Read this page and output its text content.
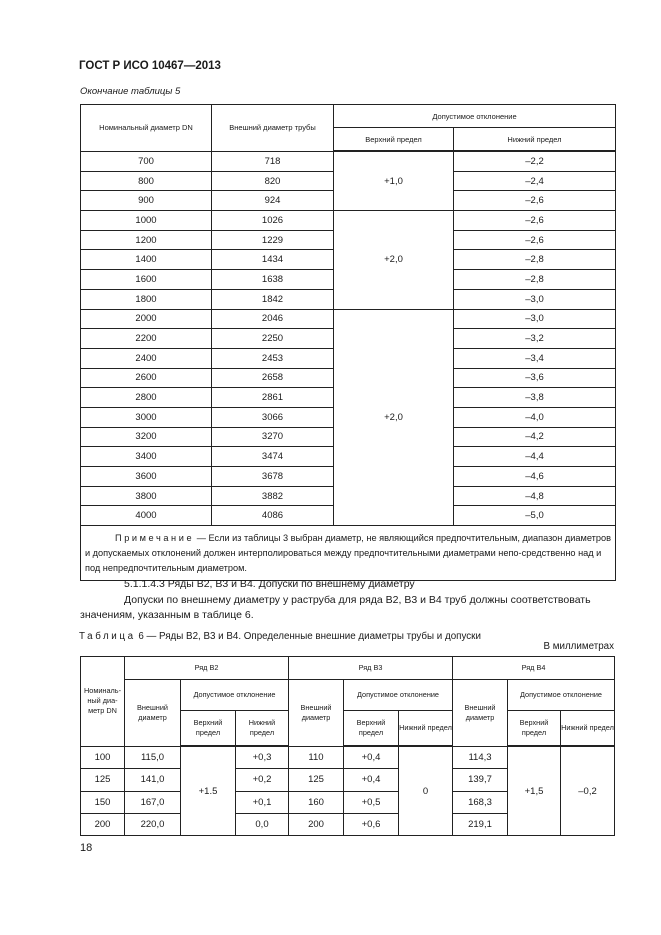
ГОСТ Р ИСО 10467—2013
Окончание таблицы 5
Номинальный диаметр DN	Внешний диаметр трубы	Допустимое отклонение	
		Верхний предел	Нижний предел
700	718	+1,0	–2,2
800	820		–2,4
900	924		–2,6
1000	1026	+2,0	–2,6
1200	1229		–2,6
1400	1434		–2,8
1600	1638		–2,8
1800	1842		–3,0
2000	2046	+2,0	–3,0
2200	2250		–3,2
2400	2453		–3,4
2600	2658		–3,6
2800	2861		–3,8
3000	3066		–4,0
3200	3270		–4,2
3400	3474		–4,4
3600	3678		–4,6
3800	3882		–4,8
4000	4086		–5,0
Примечание — Если из таблицы 3 выбран диаметр, не являющийся предпочтительным, диапазон диаметров и допускаемых отклонений должен интерполироваться между предпочтительными диаметрами непо-средственно над и под непредпочтительным диаметром.			
5.1.1.4.3 Ряды B2, B3 и B4. Допуски по внешнему диаметру
Допуски по внешнему диаметру у раструба для ряда B2, B3 и B4 труб должны соответствовать
значениям, указанным в таблице 6.
Таблица 6 — Ряды B2, B3 и B4. Определенные внешние диаметры трубы и допуски
В миллиметрах
Номиналь-ный диа-метр DN	Ряд B2			Ряд B3			Ряд B4		
	Внешний диаметр	Допустимое отклонение		Внешний диаметр	Допустимое отклонение		Внешний диаметр	Допустимое отклонение	
		Верхний предел	Нижний предел		Верхний предел	Нижний предел		Верхний предел	Нижний предел
100	115,0	+1.5	+0,3	110	+0,4	0	114,3	+1,5	–0,2
125	141,0		+0,2	125	+0,4		139,7		
150	167,0		+0,1	160	+0,5		168,3		
200	220,0		0,0	200	+0,6		219,1		
18
